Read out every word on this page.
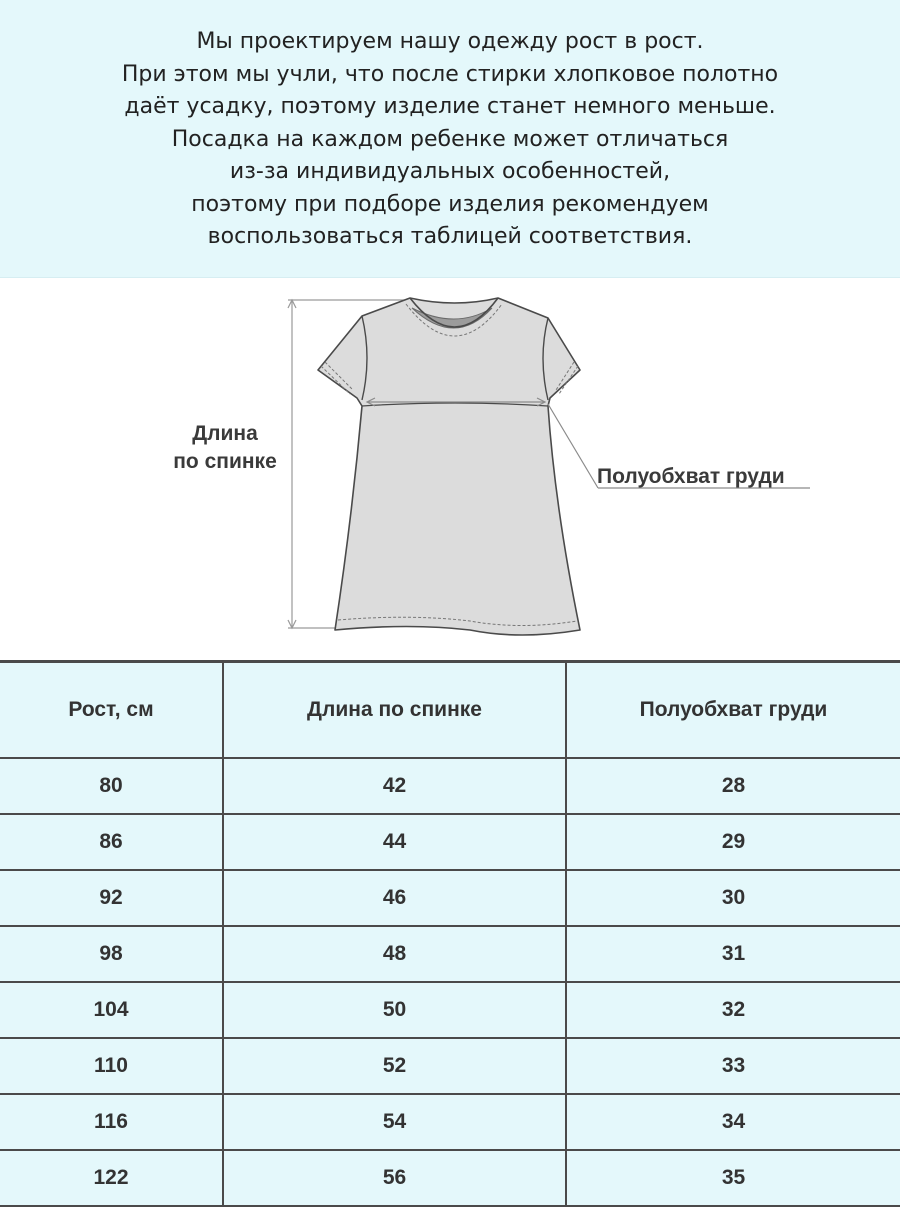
Мы проектируем нашу одежду рост в рост.
При этом мы учли, что после стирки хлопковое полотно
даёт усадку, поэтому изделие станет немного меньше.
Посадка на каждом ребенке может отличаться
из-за индивидуальных особенностей,
поэтому при подборе изделия рекомендуем
воспользоваться таблицей соответствия.
Длина
по спинке
Полуобхват груди
Рост, см	Длина по спинке	Полуобхват груди
80	42	28
86	44	29
92	46	30
98	48	31
104	50	32
110	52	33
116	54	34
122	56	35
